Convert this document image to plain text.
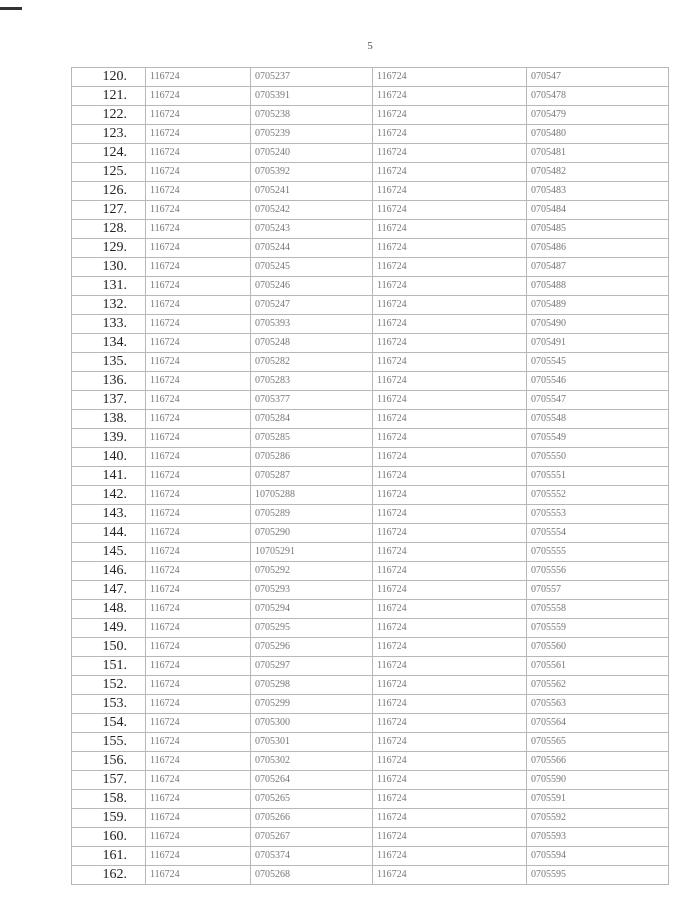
5
120.	116724	0705237	116724	070547
121.	116724	0705391	116724	0705478
122.	116724	0705238	116724	0705479
123.	116724	0705239	116724	0705480
124.	116724	0705240	116724	0705481
125.	116724	0705392	116724	0705482
126.	116724	0705241	116724	0705483
127.	116724	0705242	116724	0705484
128.	116724	0705243	116724	0705485
129.	116724	0705244	116724	0705486
130.	116724	0705245	116724	0705487
131.	116724	0705246	116724	0705488
132.	116724	0705247	116724	0705489
133.	116724	0705393	116724	0705490
134.	116724	0705248	116724	0705491
135.	116724	0705282	116724	0705545
136.	116724	0705283	116724	0705546
137.	116724	0705377	116724	0705547
138.	116724	0705284	116724	0705548
139.	116724	0705285	116724	0705549
140.	116724	0705286	116724	0705550
141.	116724	0705287	116724	0705551
142.	116724	10705288	116724	0705552
143.	116724	0705289	116724	0705553
144.	116724	0705290	116724	0705554
145.	116724	10705291	116724	0705555
146.	116724	0705292	116724	0705556
147.	116724	0705293	116724	070557
148.	116724	0705294	116724	0705558
149.	116724	0705295	116724	0705559
150.	116724	0705296	116724	0705560
151.	116724	0705297	116724	0705561
152.	116724	0705298	116724	0705562
153.	116724	0705299	116724	0705563
154.	116724	0705300	116724	0705564
155.	116724	0705301	116724	0705565
156.	116724	0705302	116724	0705566
157.	116724	0705264	116724	0705590
158.	116724	0705265	116724	0705591
159.	116724	0705266	116724	0705592
160.	116724	0705267	116724	0705593
161.	116724	0705374	116724	0705594
162.	116724	0705268	116724	0705595
